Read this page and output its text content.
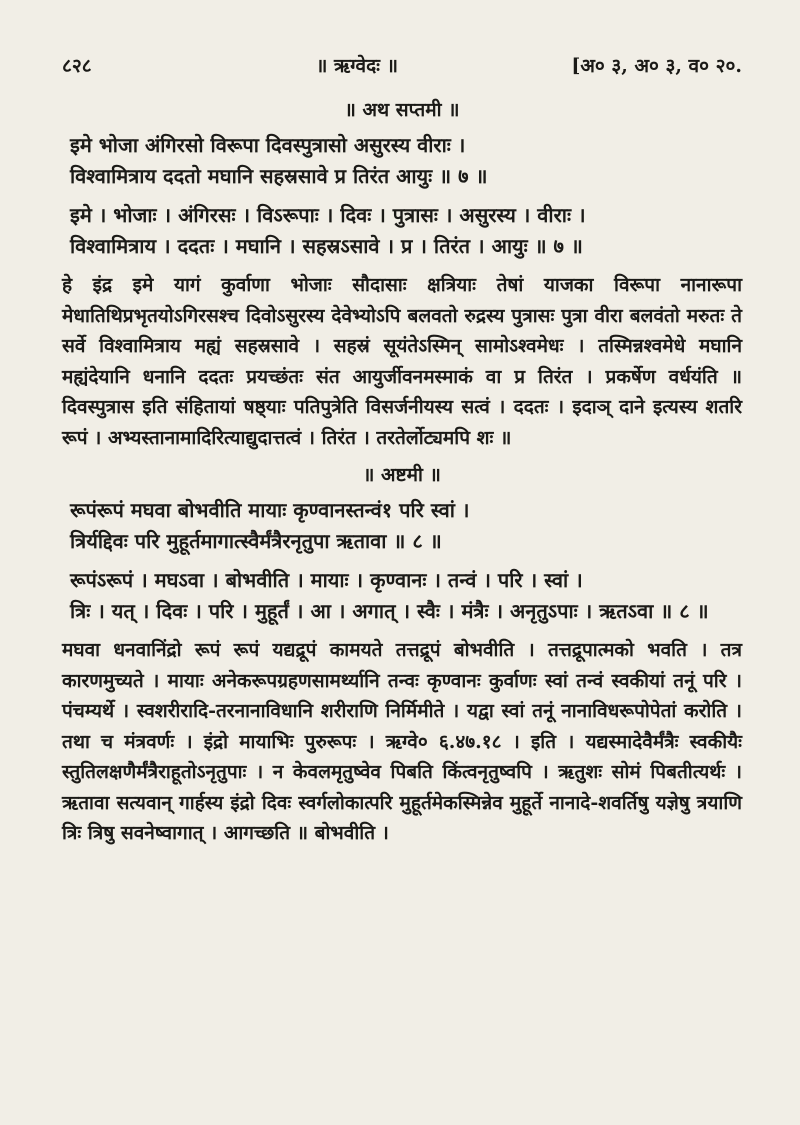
८२८	॥ ऋग्वेदः ॥	[अ० ३, अ० ३, व० २०.
॥ अथ सप्तमी ॥
इमे भोजा अंगिरसो विरूपा दिवस्पुत्रासो असुरस्य वीराः ।
विश्वामित्राय ददतो मघानि सहस्रसावे प्र तिरंत आयुः ॥ ७ ॥
इमे । भोजाः । अंगिरसः । विऽरूपाः । दिवः । पुत्रासः । असुरस्य । वीराः ।
विश्वामित्राय । ददतः । मघानि । सहस्रऽसावे । प्र । तिरंत । आयुः ॥ ७ ॥
हे इंद्र इमे यागं कुर्वाणा भोजाः सौदासाः क्षत्रियाः तेषां याजका विरूपा नानारूपा मेधातिथिप्रभृतयोऽगिरसश्च दिवोऽसुरस्य देवेभ्योऽपि बलवतो रुद्रस्य पुत्रासः पुत्रा वीरा बलवंतो मरुतः ते सर्वे विश्वामित्राय मह्यं सहस्रसावे । सहस्रं सूयंतेऽस्मिन् सामोऽश्वमेधः । तस्मिन्नश्वमेधे मघानि मह्यंदेयानि धनानि ददतः प्रयच्छंतः संत आयुर्जीवनमस्माकं वा प्र तिरंत । प्रकर्षेण वर्धयंति ॥ दिवस्पुत्रास इति संहितायां षष्ठ्याः पतिपुत्रेति विसर्जनीयस्य सत्वं । ददतः । इदाञ् दाने इत्यस्य शतरि रूपं । अभ्यस्तानामादिरित्याद्युदात्तत्वं । तिरंत । तरतेर्लोट्यमपि शः ॥
॥ अष्टमी ॥
रूपंरूपं मघवा बोभवीति मायाः कृण्वानस्तन्वं१ परि स्वां ।
त्रिर्यद्दिवः परि मुहूर्तमागात्स्वैर्मंत्रैरनृतुपा ऋतावा ॥ ८ ॥
रूपंऽरूपं । मघऽवा । बोभवीति । मायाः । कृण्वानः । तन्वं । परि । स्वां ।
त्रिः । यत् । दिवः । परि । मुहूर्तं । आ । अगात् । स्वैः । मंत्रैः । अनृतुऽपाः । ऋतऽवा ॥ ८ ॥
मघवा धनवानिंद्रो रूपं रूपं यद्यद्रूपं कामयते तत्तद्रूपं बोभवीति । तत्तद्रूपात्मको भवति । तत्र कारणमुच्यते । मायाः अनेकरूपग्रहणसामर्थ्यानि तन्वः कृण्वानः कुर्वाणः स्वां तन्वं स्वकीयां तनूं परि । पंचम्यर्थे । स्वशरीरादि-तरनानाविधानि शरीराणि निर्मिमीते । यद्वा स्वां तनूं नानाविधरूपोपेतां करोति । तथा च मंत्रवर्णः । इंद्रो मायाभिः पुरुरूपः । ऋग्वे० ६.४७.१८ । इति । यद्यस्मादेवैर्मंत्रैः स्वकीयैः स्तुतिलक्षणैर्मंत्रैराहूतोऽनृतुपाः । न केवलमृतुष्वेव पिबति किंत्वनृतुष्वपि । ऋतुशः सोमं पिबतीत्यर्थः । ऋतावा सत्यवान् गार्हस्य इंद्रो दिवः स्वर्गलोकात्परि मुहूर्तमेकस्मिन्नेव मुहूर्ते नानादे-शवर्तिषु यज्ञेषु त्रयाणि त्रिः त्रिषु सवनेष्वागात् । आगच्छति ॥ बोभवीति ।
